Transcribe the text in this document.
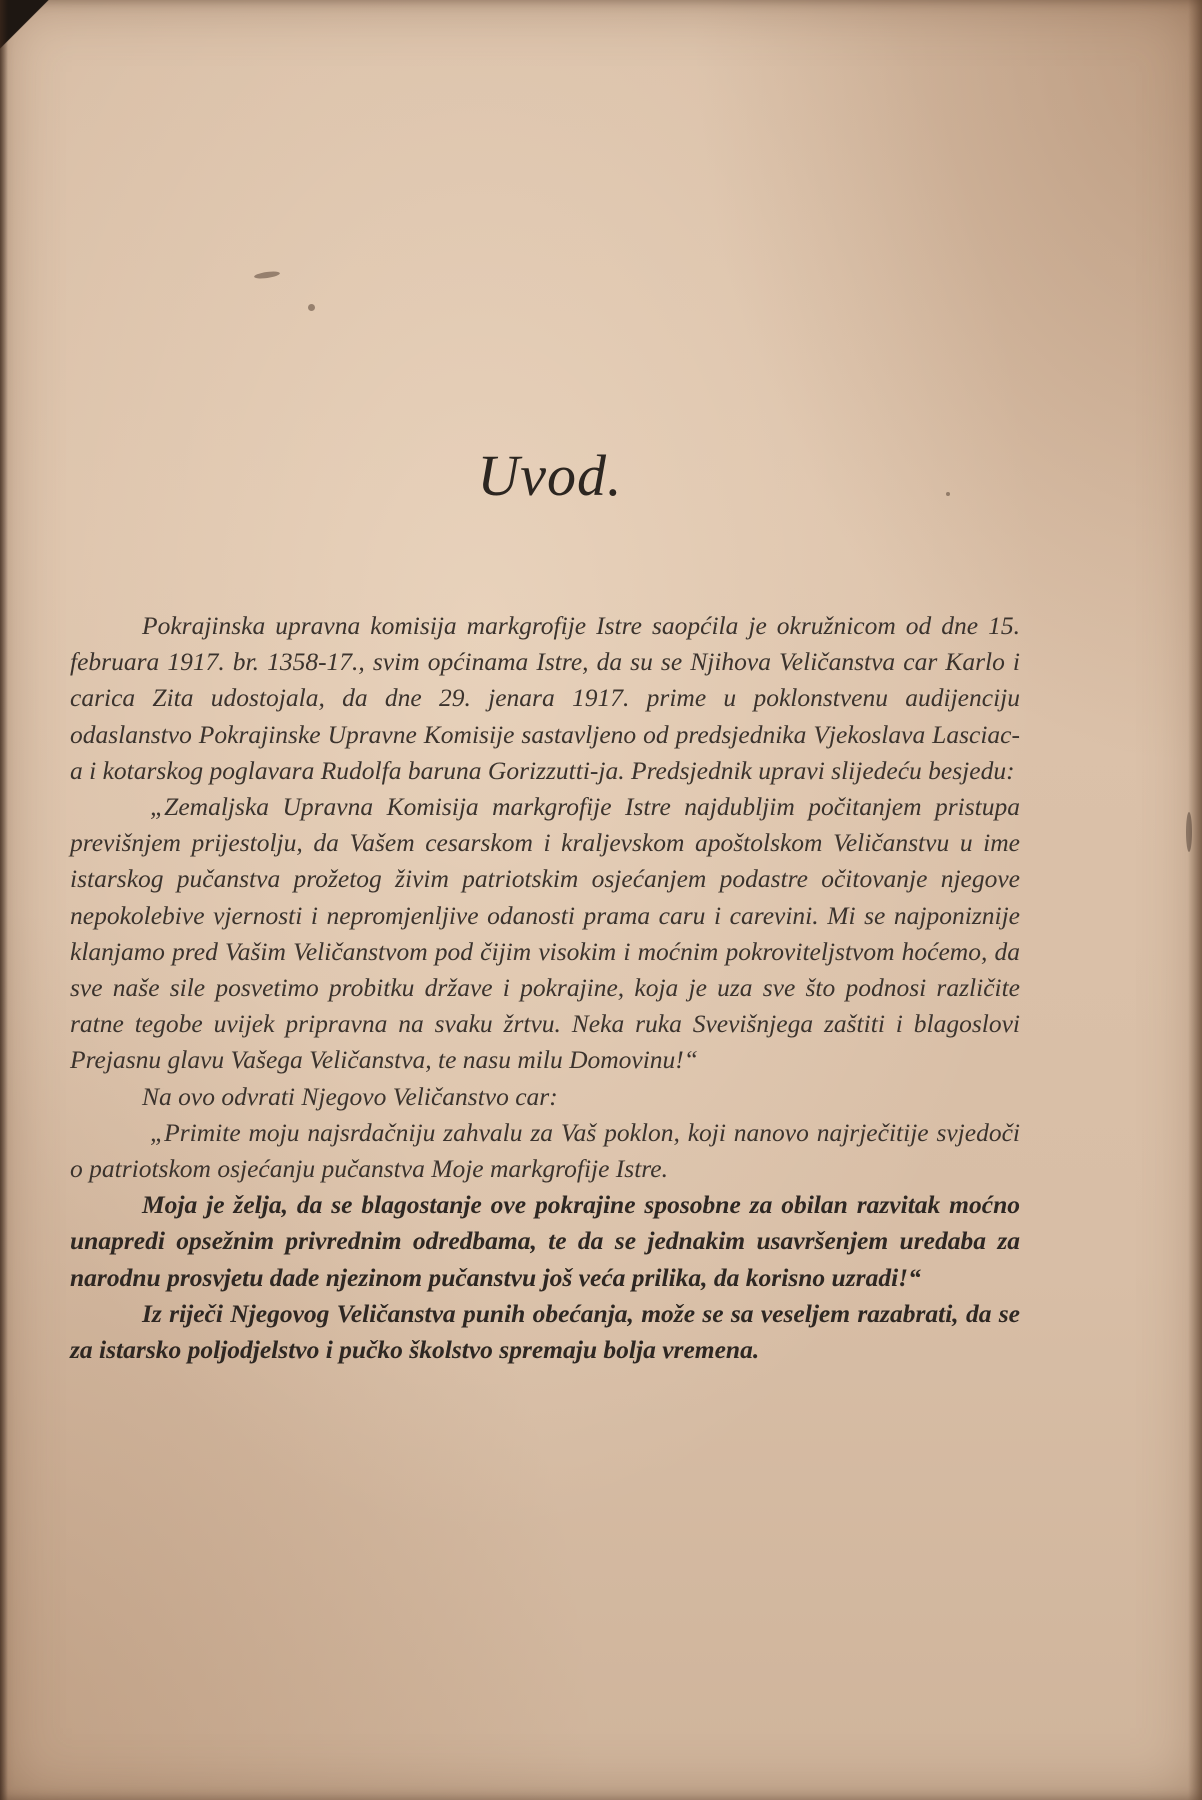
Uvod.

Pokrajinska upravna komisija markgrofije Istre saopćila je okružnicom od dne 15. februara 1917. br. 1358-17., svim općinama Istre, da su se Njihova Veličanstva car Karlo i carica Zita udostojala, da dne 29. jenara 1917. prime u poklonstvenu audijenciju odaslanstvo Pokrajinske Upravne Komisije sastavljeno od predsjednika Vjekoslava Lasciac-a i kotarskog poglavara Rudolfa baruna Gorizzutti-ja. Predsjednik upravi slijedeću besjedu:

„Zemaljska Upravna Komisija markgrofije Istre najdubljim počitanjem pristupa previšnjem prijestolju, da Vašem cesarskom i kraljevskom apoštolskom Veličanstvu u ime istarskog pučanstva prožetog živim patriotskim osjećanjem podastre očitovanje njegove nepokolebive vjernosti i nepromjenljive odanosti prama caru i carevini. Mi se najponiznije klanjamo pred Vašim Veličanstvom pod čijim visokim i moćnim pokroviteljstvom hoćemo, da sve naše sile posvetimo probitku države i pokrajine, koja je uza sve što podnosi različite ratne tegobe uvijek pripravna na svaku žrtvu. Neka ruka Svevišnjega zaštiti i blagoslovi Prejasnu glavu Vašega Veličanstva, te nasu milu Domovinu!“

Na ovo odvrati Njegovo Veličanstvo car:

„Primite moju najsrdačniju zahvalu za Vaš poklon, koji nanovo najrječitije svjedoči o patriotskom osjećanju pučanstva Moje markgrofije Istre.

Moja je želja, da se blagostanje ove pokrajine sposobne za obilan razvitak moćno unapredi opsežnim privrednim odredbama, te da se jednakim usavršenjem uredaba za narodnu prosvjetu dade njezinom pučanstvu još veća prilika, da korisno uzradi!“

Iz riječi Njegovog Veličanstva punih obećanja, može se sa veseljem razabrati, da se za istarsko poljodjelstvo i pučko školstvo spremaju bolja vremena.
